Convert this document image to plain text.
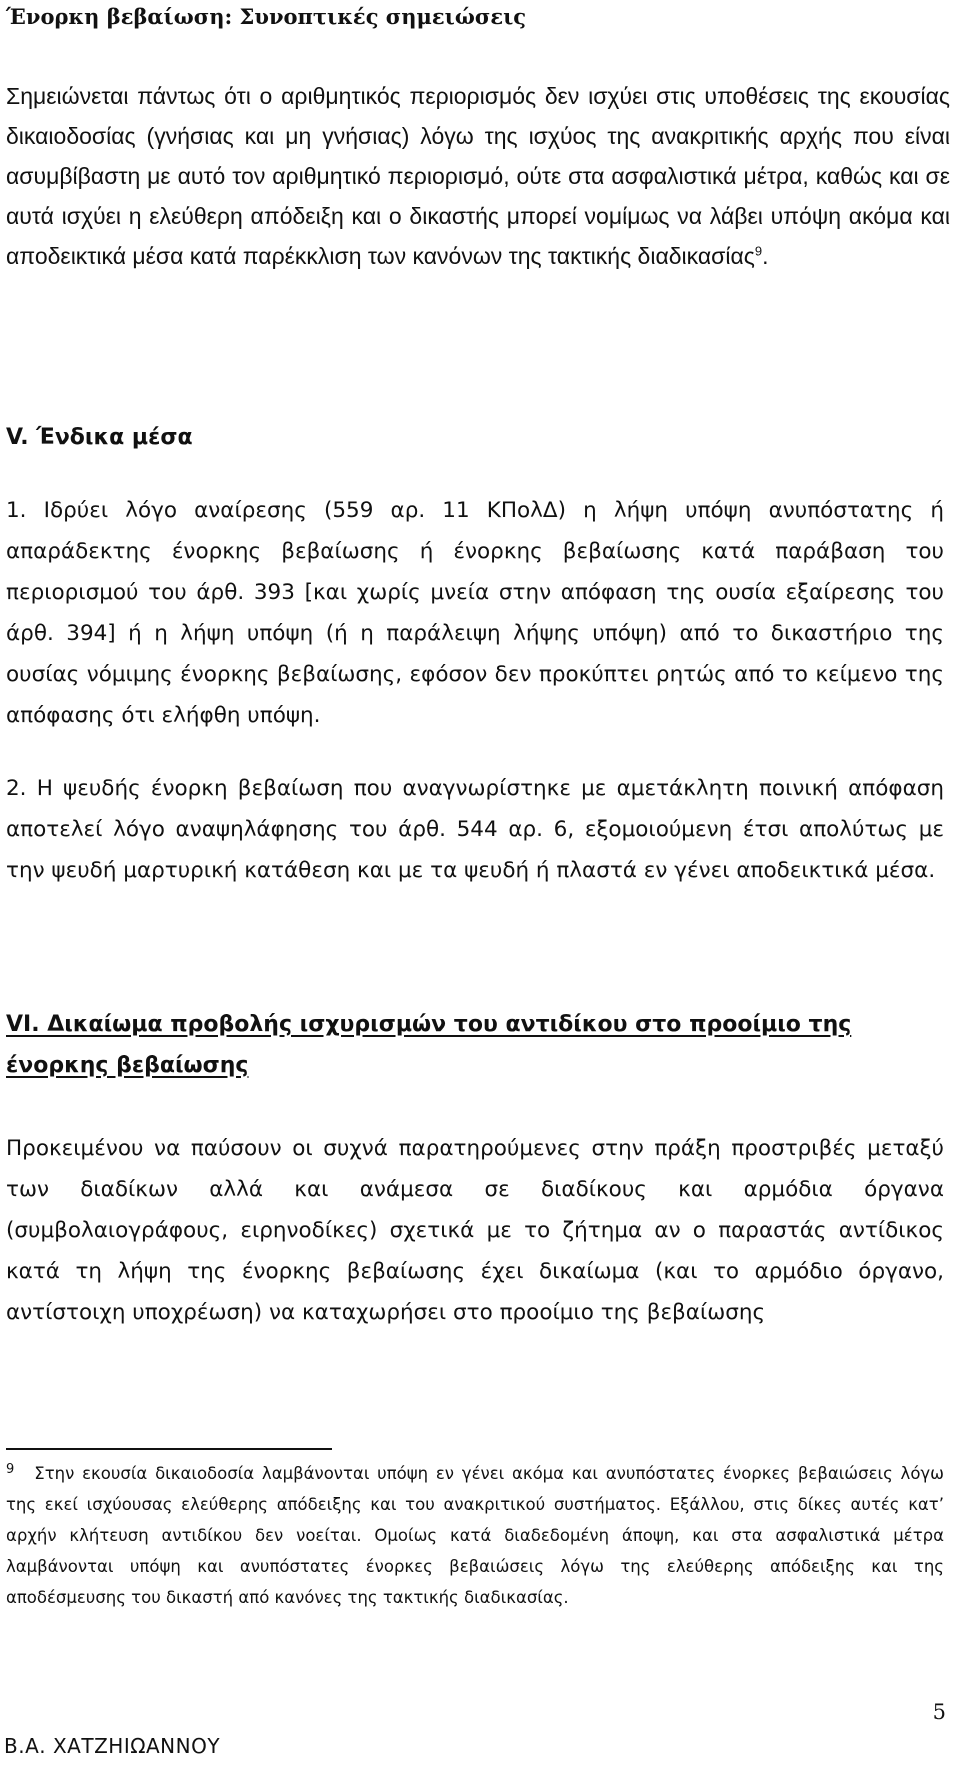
Ένορκη βεβαίωση: Συνοπτικές σημειώσεις

Σημειώνεται πάντως ότι ο αριθμητικός περιορισμός δεν ισχύει στις υποθέσεις της εκουσίας δικαιοδοσίας (γνήσιας και μη γνήσιας) λόγω της ισχύος της ανακριτικής αρχής που είναι ασυμβίβαστη με αυτό τον αριθμητικό περιορισμό, ούτε στα ασφαλιστικά μέτρα, καθώς και σε αυτά ισχύει η ελεύθερη απόδειξη και ο δικαστής μπορεί νομίμως να λάβει υπόψη ακόμα και αποδεικτικά μέσα κατά παρέκκλιση των κανόνων της τακτικής διαδικασίας$^9$.

V. Ένδικα μέσα

1. Ιδρύει λόγο αναίρεσης (559 αρ. 11 ΚΠολΔ) η λήψη υπόψη ανυπόστατης ή απαράδεκτης ένορκης βεβαίωσης ή ένορκης βεβαίωσης κατά παράβαση του περιορισμού του άρθ. 393 [και χωρίς μνεία στην απόφαση της ουσία εξαίρεσης του άρθ. 394] ή η λήψη υπόψη (ή η παράλειψη λήψης υπόψη) από το δικαστήριο της ουσίας νόμιμης ένορκης βεβαίωσης, εφόσον δεν προκύπτει ρητώς από το κείμενο της απόφασης ότι ελήφθη υπόψη.

2. Η ψευδής ένορκη βεβαίωση που αναγνωρίστηκε με αμετάκλητη ποινική απόφαση αποτελεί λόγο αναψηλάφησης του άρθ. 544 αρ. 6, εξομοιούμενη έτσι απολύτως με την ψευδή μαρτυρική κατάθεση και με τα ψευδή ή πλαστά εν γένει αποδεικτικά μέσα.

VI. Δικαίωμα προβολής ισχυρισμών του αντιδίκου στο προοίμιο της ένορκης βεβαίωσης

Προκειμένου να παύσουν οι συχνά παρατηρούμενες στην πράξη προστριβές μεταξύ των διαδίκων αλλά και ανάμεσα σε διαδίκους και αρμόδια όργανα (συμβολαιογράφους, ειρηνοδίκες) σχετικά με το ζήτημα αν ο παραστάς αντίδικος κατά τη λήψη της ένορκης βεβαίωσης έχει δικαίωμα (και το αρμόδιο όργανο, αντίστοιχη υποχρέωση) να καταχωρήσει στο προοίμιο της βεβαίωσης

$^9$ Στην εκουσία δικαιοδοσία λαμβάνονται υπόψη εν γένει ακόμα και ανυπόστατες ένορκες βεβαιώσεις λόγω της εκεί ισχύουσας ελεύθερης απόδειξης και του ανακριτικού συστήματος. Εξάλλου, στις δίκες αυτές κατ’ αρχήν κλήτευση αντιδίκου δεν νοείται. Ομοίως κατά διαδεδομένη άποψη, και στα ασφαλιστικά μέτρα λαμβάνονται υπόψη και ανυπόστατες ένορκες βεβαιώσεις λόγω της ελεύθερης απόδειξης και της αποδέσμευσης του δικαστή από κανόνες της τακτικής διαδικασίας.

5

Β.Α. ΧΑΤΖΗΙΩΑΝΝΟΥ
